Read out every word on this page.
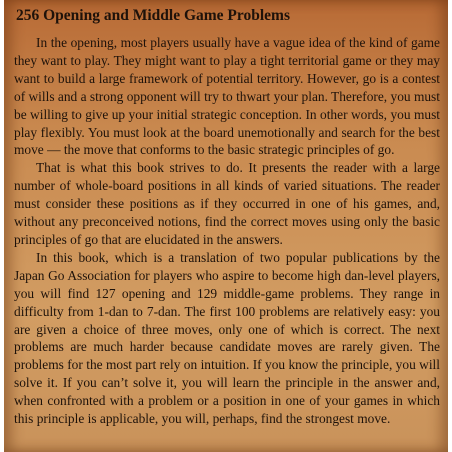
256 Opening and Middle Game Problems

In the opening, most players usually have a vague idea of the kind of game they want to play. They might want to play a tight territorial game or they may want to build a large framework of potential territory. However, go is a contest of wills and a strong opponent will try to thwart your plan. Therefore, you must be willing to give up your initial strategic conception. In other words, you must play flexibly. You must look at the board unemotionally and search for the best move — the move that conforms to the basic strategic principles of go.

That is what this book strives to do. It presents the reader with a large number of whole-board positions in all kinds of varied situations. The reader must consider these positions as if they occurred in one of his games, and, without any preconceived notions, find the correct moves using only the basic principles of go that are elucidated in the answers.

In this book, which is a translation of two popular publications by the Japan Go Association for players who aspire to become high dan-level players, you will find 127 opening and 129 middle-game problems. They range in difficulty from 1-dan to 7-dan. The first 100 problems are relatively easy: you are given a choice of three moves, only one of which is correct. The next problems are much harder because candidate moves are rarely given. The problems for the most part rely on intuition. If you know the principle, you will solve it. If you can’t solve it, you will learn the principle in the answer and, when confronted with a problem or a position in one of your games in which this principle is applicable, you will, perhaps, find the strongest move.
